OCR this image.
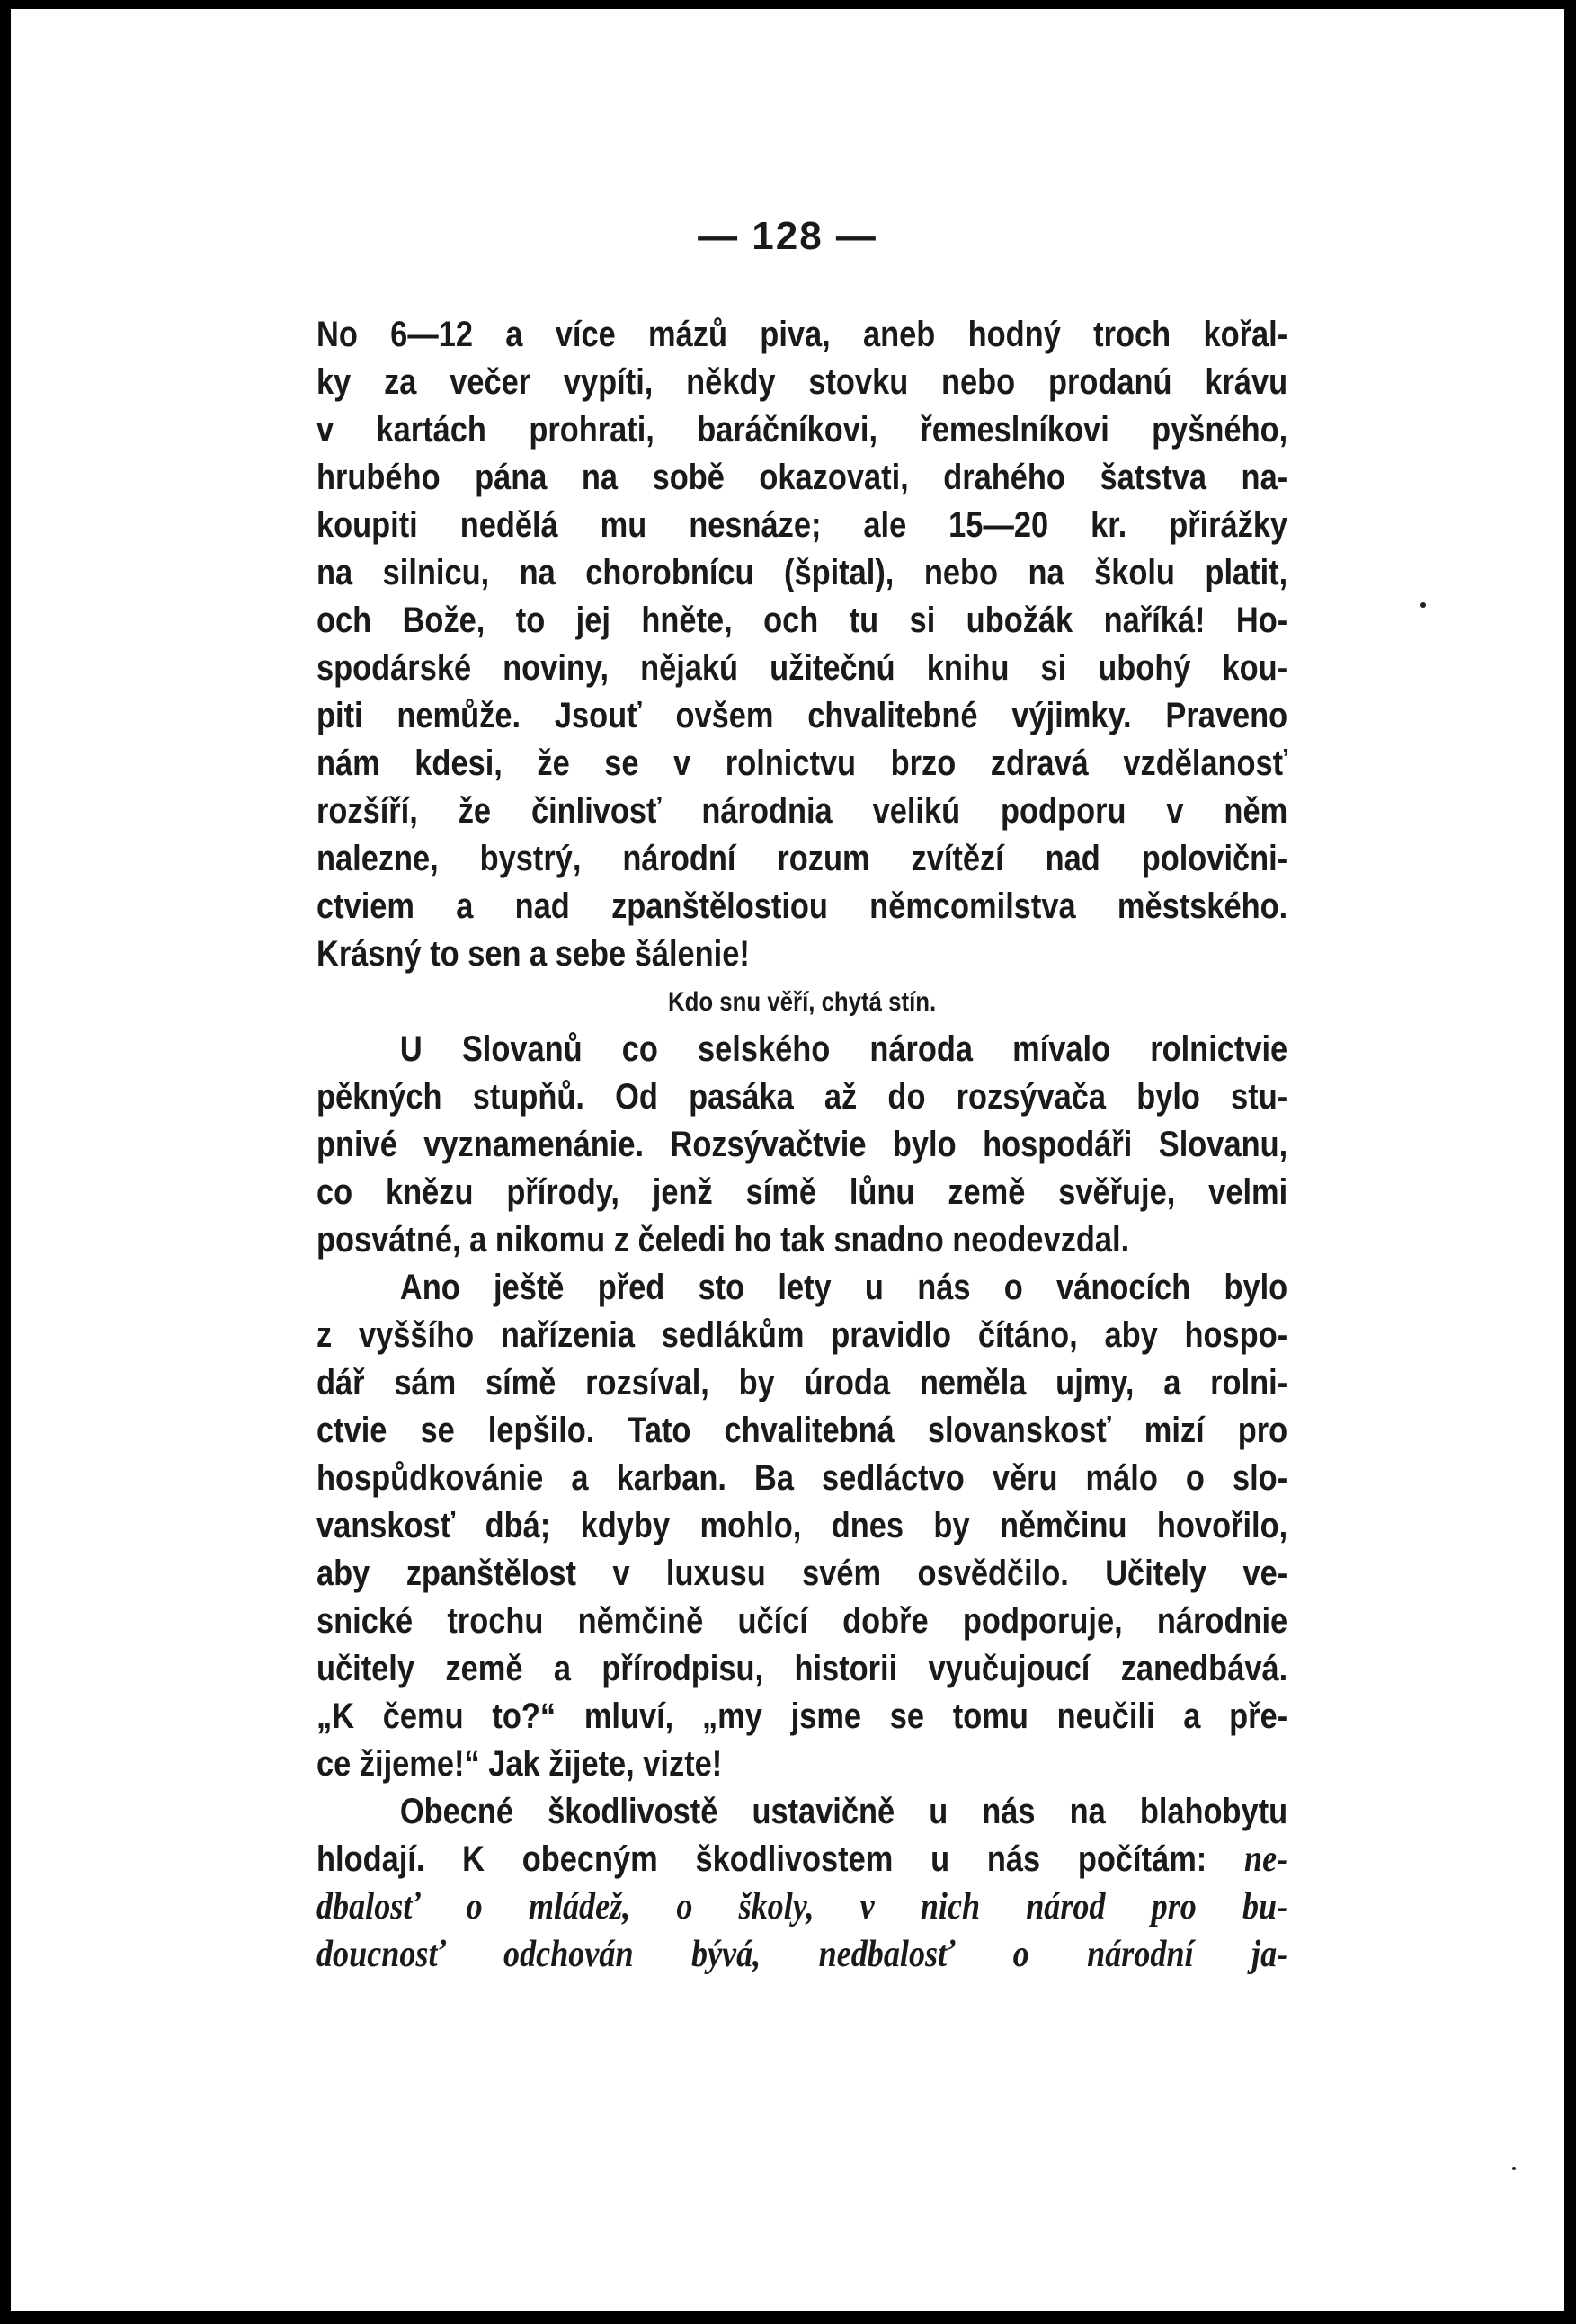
— 128 —
No 6—12 a více mázů piva, aneb hodný troch kořal-
ky za večer vypíti, někdy stovku nebo prodanú krávu
v kartách prohrati, baráčníkovi, řemeslníkovi pyšného,
hrubého pána na sobě okazovati, drahého šatstva na-
koupiti nedělá mu nesnáze; ale 15—20 kr. přirážky
na silnicu, na chorobnícu (špital), nebo na školu platit,
och Bože, to jej hněte, och tu si ubožák naříká! Ho-
spodárské noviny, nějakú užitečnú knihu si ubohý kou-
piti nemůže. Jsouť ovšem chvalitebné výjimky. Praveno
nám kdesi, že se v rolnictvu brzo zdravá vzdělanosť
rozšíří, že činlivosť národnia velikú podporu v něm
nalezne, bystrý, národní rozum zvítězí nad polovični-
ctviem a nad zpanštělostiou němcomilstva městského.
Krásný to sen a sebe šálenie!
Kdo snu věří, chytá stín.
U Slovanů co selského národa mívalo rolnictvie
pěkných stupňů. Od pasáka až do rozsývača bylo stu-
pnivé vyznamenánie. Rozsývačtvie bylo hospodáři Slovanu,
co knězu přírody, jenž símě lůnu země svěřuje, velmi
posvátné, a nikomu z čeledi ho tak snadno neodevzdal.
Ano ještě před sto lety u nás o vánocích bylo
z vyššího nařízenia sedlákům pravidlo čítáno, aby hospo-
dář sám símě rozsíval, by úroda neměla ujmy, a rolni-
ctvie se lepšilo. Tato chvalitebná slovanskosť mizí pro
hospůdkovánie a karban. Ba sedláctvo věru málo o slo-
vanskosť dbá; kdyby mohlo, dnes by němčinu hovořilo,
aby zpanštělost v luxusu svém osvědčilo. Učitely ve-
snické trochu němčině učící dobře podporuje, národnie
učitely země a přírodpisu, historii vyučujoucí zanedbává.
„K čemu to?“ mluví, „my jsme se tomu neučili a pře-
ce žijeme!“ Jak žijete, vizte!
Obecné škodlivostě ustavičně u nás na blahobytu
hlodají. K obecným škodlivostem u nás počítám: ne-
dbalosť o mládež, o školy, v nich národ pro bu-
doucnosť odchován bývá, nedbalosť o národní ja-
